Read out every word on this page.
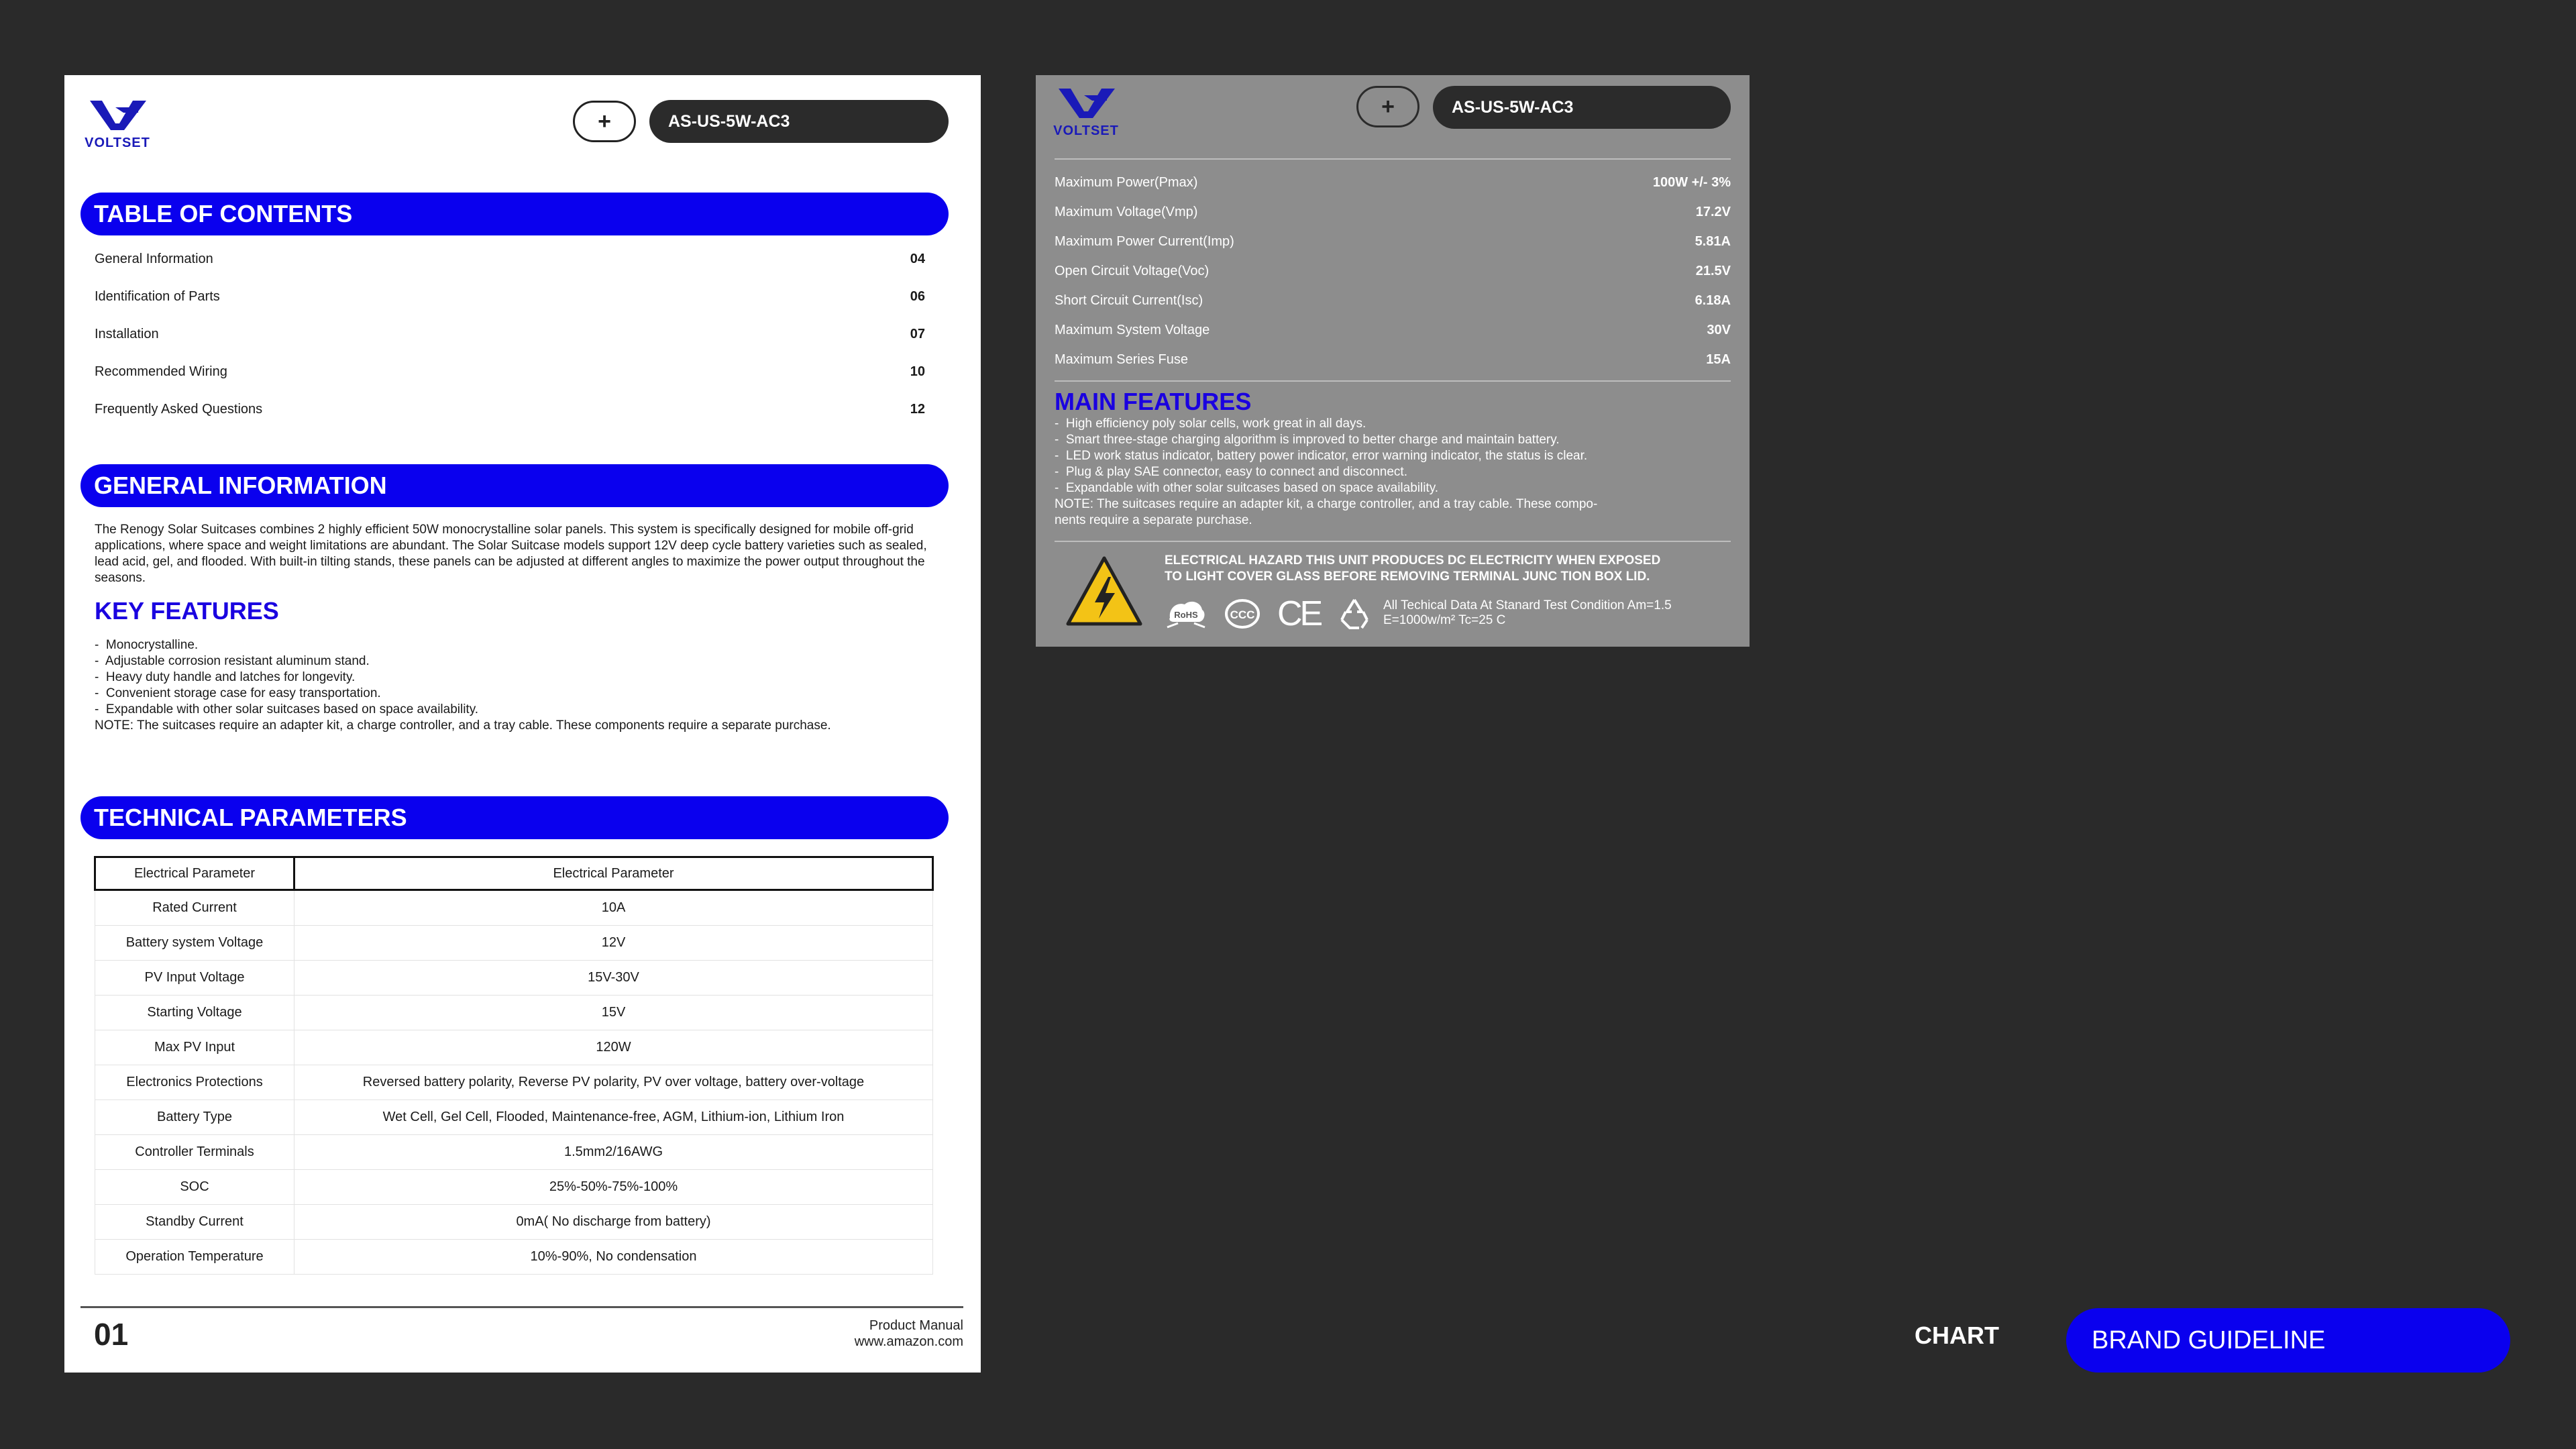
VOLTSET
+	AS-US-5W-AC3
TABLE OF CONTENTS
General Information	04
Identification of Parts	06
Installation	07
Recommended Wiring	10
Frequently Asked Questions	12
GENERAL INFORMATION

The Renogy Solar Suitcases combines 2 highly efficient 50W monocrystalline solar panels. This system is specifically designed for mobile off-grid applications, where space and weight limitations are abundant. The Solar Suitcase models support 12V deep cycle battery varieties such as sealed, lead acid, gel, and flooded. With built-in tilting stands, these panels can be adjusted at different angles to maximize the power output throughout the seasons.

KEY FEATURES
-  Monocrystalline.
-  Adjustable corrosion resistant aluminum stand.
-  Heavy duty handle and latches for longevity.
-  Convenient storage case for easy transportation.
-  Expandable with other solar suitcases based on space availability.

NOTE: The suitcases require an adapter kit, a charge controller, and a tray cable. These components require a separate purchase.

TECHNICAL PARAMETERS
Electrical Parameter	Electrical Parameter
Rated Current	10A
Battery system Voltage	12V
PV Input Voltage	15V-30V
Starting Voltage	15V
Max PV Input	120W
Electronics Protections	Reversed battery polarity, Reverse PV polarity, PV over voltage, battery over-voltage
Battery Type	Wet Cell, Gel Cell, Flooded, Maintenance-free, AGM, Lithium-ion, Lithium Iron
Controller Terminals	1.5mm2/16AWG
SOC	25%-50%-75%-100%
Standby Current	0mA( No discharge from battery)
Operation Temperature	10%-90%, No condensation
01	Product Manual
www.amazon.com
VOLTSET
+	AS-US-5W-AC3
Maximum Power(Pmax)	100W +/- 3%
Maximum Voltage(Vmp)	17.2V
Maximum Power Current(Imp)	5.81A
Open Circuit Voltage(Voc)	21.5V
Short Circuit Current(Isc)	6.18A
Maximum System Voltage	30V
Maximum Series Fuse	15A
MAIN FEATURES
-  High efficiency poly solar cells, work great in all days.
-  Smart three-stage charging algorithm is improved to better charge and maintain battery.
-  LED work status indicator, battery power indicator, error warning indicator, the status is clear.
-  Plug & play SAE connector, easy to connect and disconnect.
-  Expandable with other solar suitcases based on space availability.
NOTE: The suitcases require an adapter kit, a charge controller, and a tray cable. These compo-
nents require a separate purchase.
ELECTRICAL HAZARD THIS UNIT PRODUCES DC ELECTRICITY WHEN EXPOSED
TO LIGHT COVER GLASS BEFORE REMOVING TERMINAL JUNC TION BOX LID.
RoHS	CCC CE	All Techical Data At Stanard Test Condition Am=1.5
E=1000w/m² Tc=25 C
CHART	BRAND GUIDELINE
